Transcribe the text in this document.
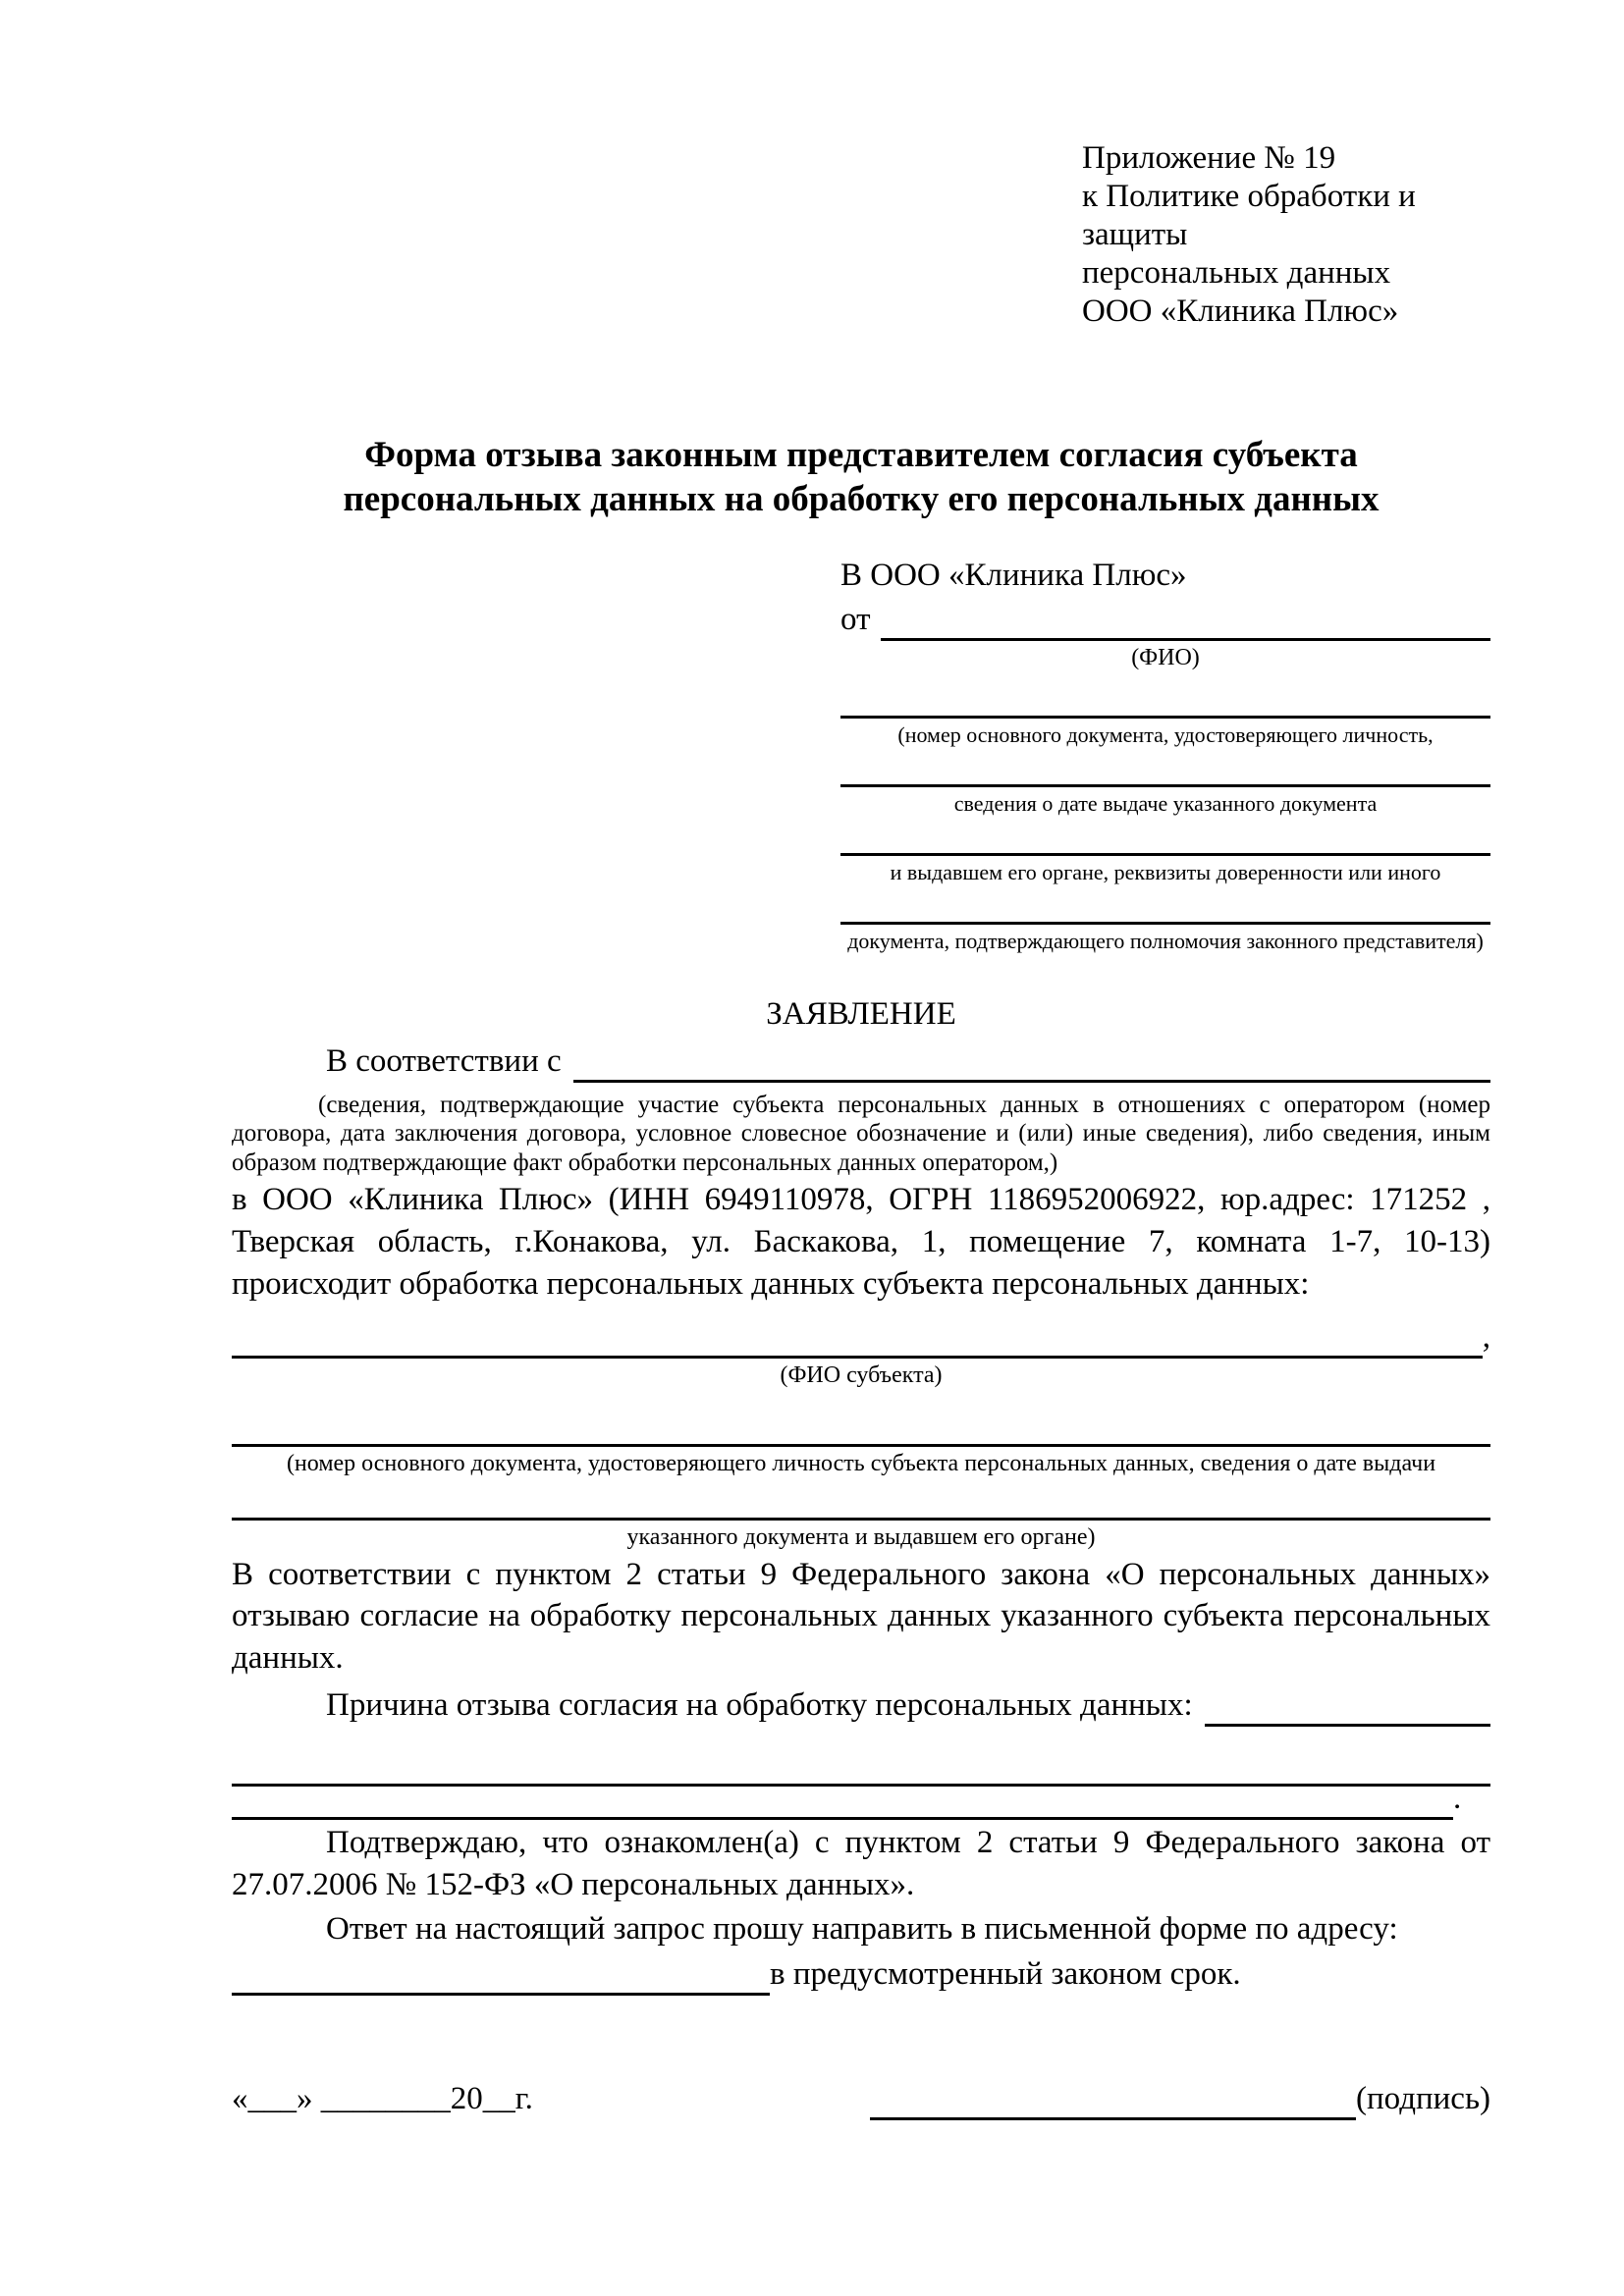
Приложение № 19
к Политике обработки и защиты
персональных данных
ООО «Клиника Плюс»
Форма отзыва законным представителем согласия субъекта
персональных данных на обработку его персональных данных
В ООО «Клиника Плюс»
от
(ФИО)
(номер основного документа, удостоверяющего личность,
сведения о дате выдаче указанного документа
и выдавшем его органе, реквизиты доверенности или иного
документа, подтверждающего полномочия законного представителя)
ЗАЯВЛЕНИЕ
В соответствии с
(сведения, подтверждающие участие субъекта персональных данных в отношениях с оператором (номер договора, дата заключения договора, условное словесное обозначение и (или) иные сведения), либо сведения, иным образом подтверждающие факт обработки персональных данных оператором,)
в ООО «Клиника Плюс» (ИНН 6949110978, ОГРН 1186952006922, юр.адрес: 171252 , Тверская область, г.Конакова, ул. Баскакова, 1, помещение 7, комната 1-7, 10-13) происходит обработка персональных данных субъекта персональных данных:
,
(ФИО субъекта)
(номер основного документа, удостоверяющего личность субъекта персональных данных, сведения о дате выдачи
указанного документа и выдавшем его органе)
В соответствии с пунктом 2 статьи 9 Федерального закона «О персональных данных» отзываю согласие на обработку персональных данных указанного субъекта персональных данных.
Причина отзыва согласия на обработку персональных данных:
.
Подтверждаю, что ознакомлен(а) с пунктом 2 статьи 9 Федерального закона от 27.07.2006 № 152-ФЗ «О персональных данных».
Ответ на настоящий запрос прошу направить в письменной форме по адресу:
в предусмотренный законом срок.
«___» ________20__г.	(подпись)
